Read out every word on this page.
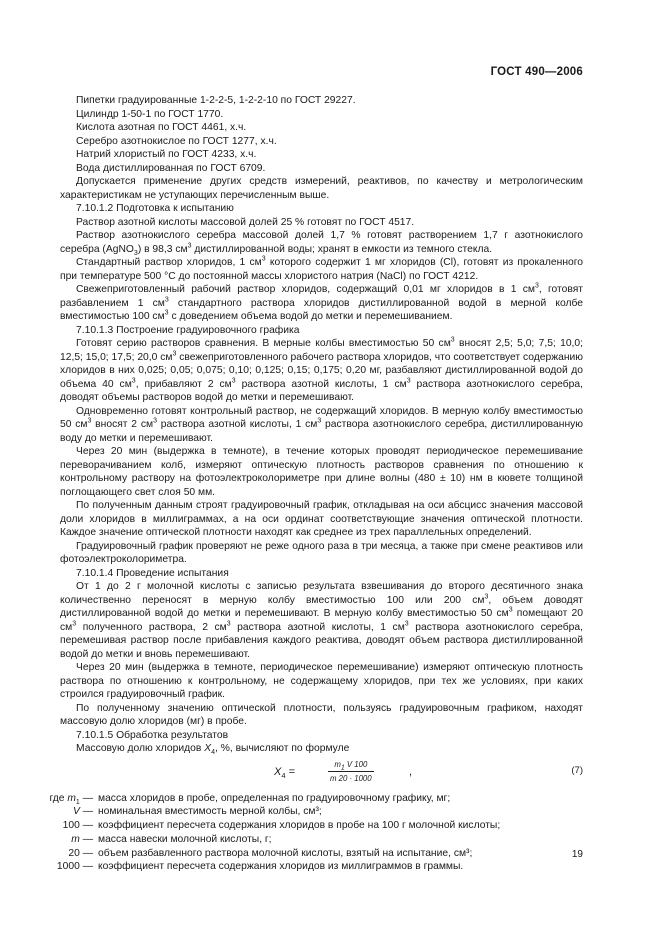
ГОСТ 490—2006

Пипетки градуированные 1-2-2-5, 1-2-2-10 по ГОСТ 29227.

Цилиндр 1-50-1 по ГОСТ 1770.

Кислота азотная по ГОСТ 4461, х.ч.

Серебро азотнокислое по ГОСТ 1277, х.ч.

Натрий хлористый по ГОСТ 4233, х.ч.

Вода дистиллированная по ГОСТ 6709.

Допускается применение других средств измерений, реактивов, по качеству и метрологическим характеристикам не уступающих перечисленным выше.

7.10.1.2 Подготовка к испытанию

Раствор азотной кислоты массовой долей 25 % готовят по ГОСТ 4517.

Раствор азотнокислого серебра массовой долей 1,7 % готовят растворением 1,7 г азотнокислого серебра (AgNO$_3$) в 98,3 $см^3$ дистиллированной воды; хранят в емкости из темного стекла.

Стандартный раствор хлоридов, 1 $см^3$ которого содержит 1 мг хлоридов (Cl), готовят из прокаленного при температуре 500 °С до постоянной массы хлористого натрия (NaCl) по ГОСТ 4212.

Свежеприготовленный рабочий раствор хлоридов, содержащий 0,01 мг хлоридов в 1 $см^3$, готовят разбавлением 1 $см^3$ стандартного раствора хлоридов дистиллированной водой в мерной колбе вместимостью 100 $см^3$ с доведением объема водой до метки и перемешиванием.

7.10.1.3 Построение градуировочного графика

Готовят серию растворов сравнения. В мерные колбы вместимостью 50 $см^3$ вносят 2,5; 5,0; 7,5; 10,0; 12,5; 15,0; 17,5; 20,0 $см^3$ свежеприготовленного рабочего раствора хлоридов, что соответствует содержанию хлоридов в них 0,025; 0,05; 0,075; 0,10; 0,125; 0,15; 0,175; 0,20 мг, разбавляют дистиллированной водой до объема 40 $см^3$, прибавляют 2 $см^3$ раствора азотной кислоты, 1 $см^3$ раствора азотнокислого серебра, доводят объемы растворов водой до метки и перемешивают.

Одновременно готовят контрольный раствор, не содержащий хлоридов. В мерную колбу вместимостью 50 $см^3$ вносят 2 $см^3$ раствора азотной кислоты, 1 $см^3$ раствора азотнокислого серебра, дистиллированную воду до метки и перемешивают.

Через 20 мин (выдержка в темноте), в течение которых проводят периодическое перемешивание переворачиванием колб, измеряют оптическую плотность растворов сравнения по отношению к контрольному раствору на фотоэлектроколориметре при длине волны (480 ± 10) нм в кювете толщиной поглощающего свет слоя 50 мм.

По полученным данным строят градуировочный график, откладывая на оси абсцисс значения массовой доли хлоридов в миллиграммах, а на оси ординат соответствующие значения оптической плотности. Каждое значение оптической плотности находят как среднее из трех параллельных определений.

Градуировочный график проверяют не реже одного раза в три месяца, а также при смене реактивов или фотоэлектроколориметра.

7.10.1.4 Проведение испытания

От 1 до 2 г молочной кислоты с записью результата взвешивания до второго десятичного знака количественно переносят в мерную колбу вместимостью 100 или 200 $см^3$, объем доводят дистиллированной водой до метки и перемешивают. В мерную колбу вместимостью 50 $см^3$ помещают 20 $см^3$ полученного раствора, 2 $см^3$ раствора азотной кислоты, 1 $см^3$ раствора азотнокислого серебра, перемешивая раствор после прибавления каждого реактива, доводят объем раствора дистиллированной водой до метки и вновь перемешивают.

Через 20 мин (выдержка в темноте, периодическое перемешивание) измеряют оптическую плотность раствора по отношению к контрольному, не содержащему хлоридов, при тех же условиях, при каких строился градуировочный график.

По полученному значению оптической плотности, пользуясь градуировочным графиком, находят массовую долю хлоридов (мг) в пробе.

7.10.1.5 Обработка результатов

Массовую долю хлоридов $X_4$, %, вычисляют по формуле

$X_4$ =	$\frac{m_1 V 100}{m 20 \cdot 1000}$	,	(7)
где $m_1$ — масса хлоридов в пробе, определенная по градуировочному графику, мг;
V — номинальная вместимость мерной колбы, см³;
100 — коэффициент пересчета содержания хлоридов в пробе на 100 г молочной кислоты;
m — масса навески молочной кислоты, г;
20 — объем разбавленного раствора молочной кислоты, взятый на испытание, см³;
1000 — коэффициент пересчета содержания хлоридов из миллиграммов в граммы.
19
